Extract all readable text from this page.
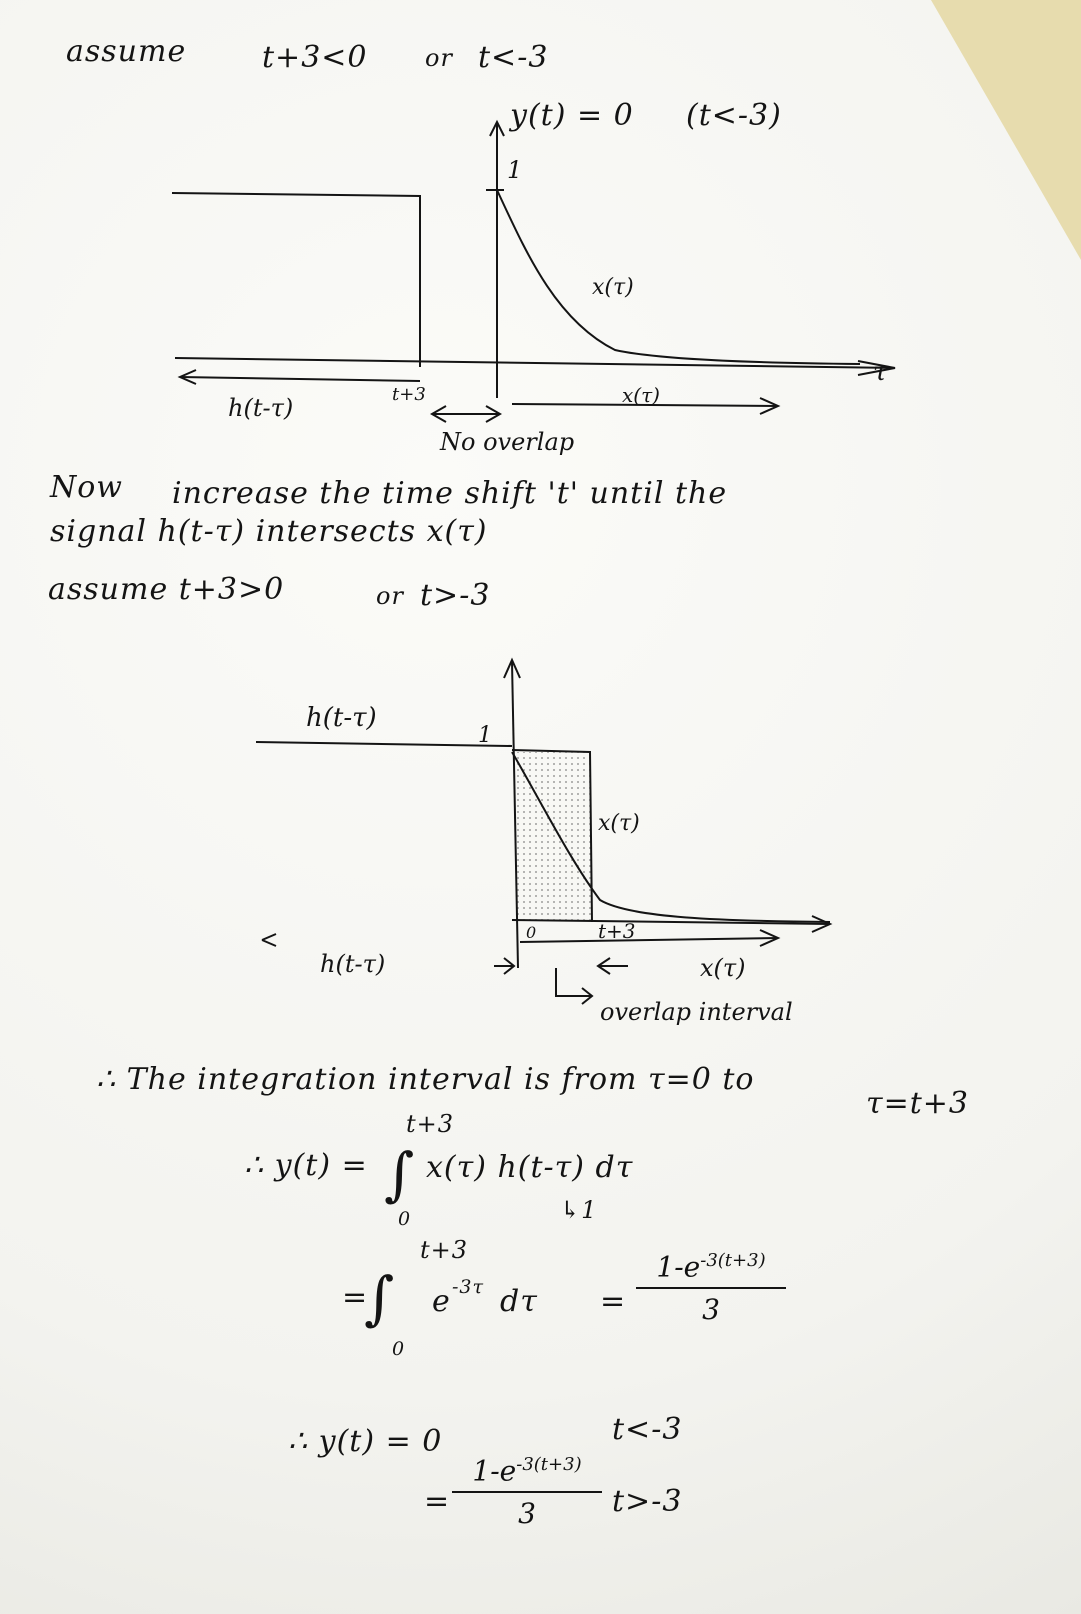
assume	t+3<0 or t<-3
y(t) = 0 (t<-3)
1
x(τ)
τ
h(t-τ)	t+3	x(τ)
No overlap
Now increase the time shift 't' until the
signal h(t-τ) intersects x(τ)
assume t+3>0	or t>-3
h(t-τ)
1
x(τ)
0	t+3
h(t-τ)	x(τ)
overlap interval
∴ The integration interval is from τ=0 to
τ=t+3
∴ y(t) =
t+3
∫
0
x(τ) h(t-τ) dτ
↳1
=
t+3
∫
0
e -3τ dτ =
$1-e^{-3(t+3)}$
3
∴ y(t) = 0	t<-3
=
$1-e^{-3(t+3)}$
3	t>-3
